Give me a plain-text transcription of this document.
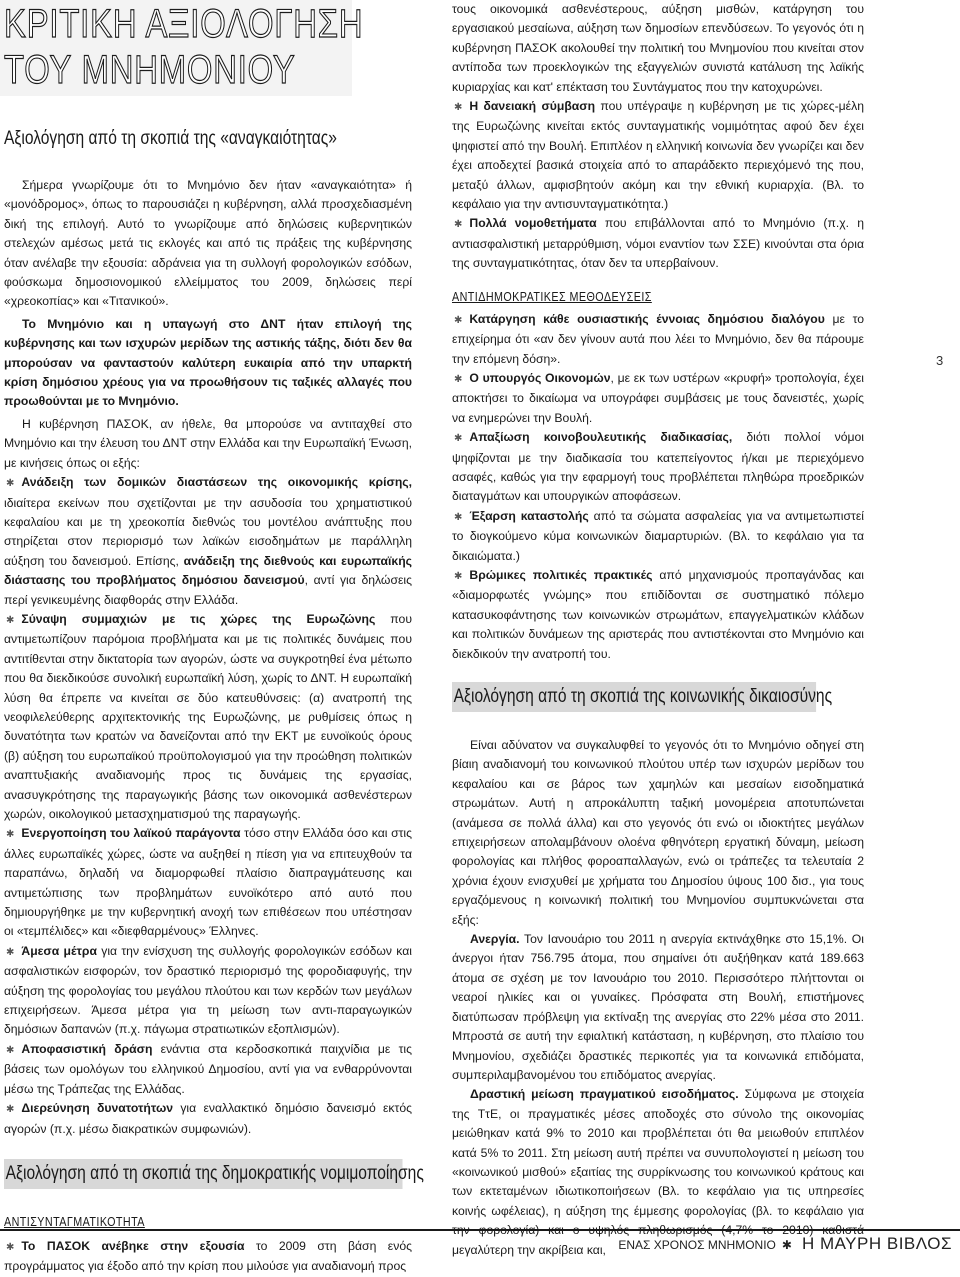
ΚΡΙΤΙΚΗ ΑΞΙΟΛΟΓΗΣΗ
ΤΟΥ ΜΝΗΜΟΝΙΟΥ
Αξιολόγηση από τη σκοπιά της «αναγκαιότητας»

Σήμερα γνωρίζουμε ότι το Μνημόνιο δεν ήταν «αναγκαιότητα» ή «μονόδρομος», όπως το παρουσιάζει η κυβέρνηση, αλλά προσχεδιασμένη δική της επιλογή. Αυτό το γνωρίζουμε από δηλώσεις κυβερνητικών στελεχών αμέσως μετά τις εκλογές και από τις πράξεις της κυβέρνησης όταν ανέλαβε την εξουσία: αδράνεια για τη συλλογή φορολογικών εσόδων, φούσκωμα δημοσιονομικού ελλείμματος του 2009, δηλώσεις περί «χρεοκοπίας» και «Τιτανικού».

Το Μνημόνιο και η υπαγωγή στο ΔΝΤ ήταν επιλογή της κυβέρνησης και των ισχυρών μερίδων της αστικής τάξης, διότι δεν θα μπορούσαν να φανταστούν καλύτερη ευκαιρία από την υπαρκτή κρίση δημόσιου χρέους για να προωθήσουν τις ταξικές αλλαγές που προωθούνται με το Μνημόνιο.

Η κυβέρνηση ΠΑΣΟΚ, αν ήθελε, θα μπορούσε να αντιταχθεί στο Μνημόνιο και την έλευση του ΔΝΤ στην Ελλάδα και την Ευρωπαϊκή Ένωση, με κινήσεις όπως οι εξής:

✱ Ανάδειξη των δομικών διαστάσεων της οικονομικής κρίσης, ιδιαίτερα εκείνων που σχετίζονται με την ασυδοσία του χρηματιστικού κεφαλαίου και με τη χρεοκοπία διεθνώς του μοντέλου ανάπτυξης που στηρίζεται στον περιορισμό των λαϊκών εισοδημάτων με παράλληλη αύξηση του δανεισμού. Επίσης, ανάδειξη της διεθνούς και ευρωπαϊκής διάστασης του προβλήματος δημόσιου δανεισμού, αντί για δηλώσεις περί γενικευμένης διαφθοράς στην Ελλάδα.

✱ Σύναψη συμμαχιών με τις χώρες της Ευρωζώνης που αντιμετωπίζουν παρόμοια προβλήματα και με τις πολιτικές δυνάμεις που αντιτίθενται στην δικτατορία των αγορών, ώστε να συγκροτηθεί ένα μέτωπο που θα διεκδικούσε συνολική ευρωπαϊκή λύση, χωρίς το ΔΝΤ. Η ευρωπαϊκή λύση θα έπρεπε να κινείται σε δύο κατευθύνσεις: (α) ανατροπή της νεοφιλελεύθερης αρχιτεκτονικής της Ευρωζώνης, με ρυθμίσεις όπως η δυνατότητα των κρατών να δανείζονται από την ΕΚΤ με ευνοϊκούς όρους (β) αύξηση του ευρωπαϊκού προϋπολογισμού για την προώθηση πολιτικών αναπτυξιακής αναδιανομής προς τις δυνάμεις της εργασίας, ανασυγκρότησης της παραγωγικής βάσης των οικονομικά ασθενέστερων χωρών, οικολογικού μετασχηματισμού της παραγωγής.

✱ Ενεργοποίηση του λαϊκού παράγοντα τόσο στην Ελλάδα όσο και στις άλλες ευρωπαϊκές χώρες, ώστε να αυξηθεί η πίεση για να επιτευχθούν τα παραπάνω, δηλαδή να διαμορφωθεί πλαίσιο διαπραγμάτευσης και αντιμετώπισης των προβλημάτων ευνοϊκότερο από αυτό που δημιουργήθηκε με την κυβερνητική ανοχή των επιθέσεων που υπέστησαν οι «τεμπέλιδες» και «διεφθαρμένους» Έλληνες.

✱ Άμεσα μέτρα για την ενίσχυση της συλλογής φορολογικών εσόδων και ασφαλιστικών εισφορών, τον δραστικό περιορισμό της φοροδιαφυγής, την αύξηση της φορολογίας του μεγάλου πλούτου και των κερδών των μεγάλων επιχειρήσεων. Άμεσα μέτρα για τη μείωση των αντι-παραγωγικών δημόσιων δαπανών (π.χ. πάγωμα στρατιωτικών εξοπλισμών).

✱ Αποφασιστική δράση ενάντια στα κερδοσκοπικά παιχνίδια με τις βάσεις των ομολόγων του ελληνικού Δημοσίου, αντί για να ενθαρρύνονται μέσω της Τράπεζας της Ελλάδας.

✱ Διερεύνηση δυνατοτήτων για εναλλακτικό δημόσιο δανεισμό εκτός αγορών (π.χ. μέσω διακρατικών συμφωνιών).

Αξιολόγηση από τη σκοπιά της δημοκρατικής νομιμοποίησης
ΑΝΤΙΣΥΝΤΑΓΜΑΤΙΚΟΤΗΤΑ

✱ Το ΠΑΣΟΚ ανέβηκε στην εξουσία το 2009 στη βάση ενός προγράμματος για έξοδο από την κρίση που μιλούσε για αναδιανομή προς

τους οικονομικά ασθενέστερους, αύξηση μισθών, κατάργηση του εργασιακού μεσαίωνα, αύξηση των δημοσίων επενδύσεων. Το γεγονός ότι η κυβέρνηση ΠΑΣΟΚ ακολουθεί την πολιτική του Μνημονίου που κινείται στον αντίποδα των προεκλογικών της εξαγγελιών συνιστά κατάλυση της λαϊκής κυριαρχίας και κατ' επέκταση του Συντάγματος που την κατοχυρώνει.

✱ Η δανειακή σύμβαση που υπέγραψε η κυβέρνηση με τις χώρες-μέλη της Ευρωζώνης κινείται εκτός συνταγματικής νομιμότητας αφού δεν έχει ψηφιστεί από την Βουλή. Επιπλέον η ελληνική κοινωνία δεν γνωρίζει και δεν έχει αποδεχτεί βασικά στοιχεία από το απαράδεκτο περιεχόμενό της που, μεταξύ άλλων, αμφισβητούν ακόμη και την εθνική κυριαρχία. (Βλ. το κεφάλαιο για την αντισυνταγματικότητα.)

✱ Πολλά νομοθετήματα που επιβάλλονται από το Μνημόνιο (π.χ. η αντιασφαλιστική μεταρρύθμιση, νόμοι εναντίον των ΣΣΕ) κινούνται στα όρια της συνταγματικότητας, όταν δεν τα υπερβαίνουν.

ΑΝΤΙΔΗΜΟΚΡΑΤΙΚΕΣ ΜΕΘΟΔΕΥΣΕΙΣ

✱ Κατάργηση κάθε ουσιαστικής έννοιας δημόσιου διαλόγου με το επιχείρημα ότι «αν δεν γίνουν αυτά που λέει το Μνημόνιο, δεν θα πάρουμε την επόμενη δόση».

✱ Ο υπουργός Οικονομών, με εκ των υστέρων «κρυφή» τροπολογία, έχει αποκτήσει το δικαίωμα να υπογράφει συμβάσεις με τους δανειστές, χωρίς να ενημερώνει την Βουλή.

✱ Απαξίωση κοινοβουλευτικής διαδικασίας, διότι πολλοί νόμοι ψηφίζονται με την διαδικασία του κατεπείγοντος ή/και με περιεχόμενο ασαφές, καθώς για την εφαρμογή τους προβλέπεται πληθώρα προεδρικών διαταγμάτων και υπουργικών αποφάσεων.

✱ Έξαρση καταστολής από τα σώματα ασφαλείας για να αντιμετωπιστεί το διογκούμενο κύμα κοινωνικών διαμαρτυριών. (Βλ. το κεφάλαιο για τα δικαιώματα.)

✱ Βρώμικες πολιτικές πρακτικές από μηχανισμούς προπαγάνδας και «διαμορφωτές γνώμης» που επιδίδονται σε συστηματικό πόλεμο κατασυκοφάντησης των κοινωνικών στρωμάτων, επαγγελματικών κλάδων και πολιτικών δυνάμεων της αριστεράς που αντιστέκονται στο Μνημόνιο και διεκδικούν την ανατροπή του.

Αξιολόγηση από τη σκοπιά της κοινωνικής δικαιοσύνης

Είναι αδύνατον να συγκαλυφθεί το γεγονός ότι το Μνημόνιο οδηγεί στη βίαιη αναδιανομή του κοινωνικού πλούτου υπέρ των ισχυρών μερίδων του κεφαλαίου και σε βάρος των χαμηλών και μεσαίων εισοδηματικά στρωμάτων. Αυτή η απροκάλυπτη ταξική μονομέρεια αποτυπώνεται (ανάμεσα σε πολλά άλλα) και στο γεγονός ότι ενώ οι ιδιοκτήτες μεγάλων επιχειρήσεων απολαμβάνουν ολοένα φθηνότερη εργατική δύναμη, μείωση φορολογίας και πλήθος φοροαπαλλαγών, ενώ οι τράπεζες τα τελευταία 2 χρόνια έχουν ενισχυθεί με χρήματα του Δημοσίου ύψους 100 δισ., για τους εργαζόμενους η κοινωνική πολιτική του Μνημονίου συμπυκνώνεται στα εξής:

Ανεργία. Τον Ιανουάριο του 2011 η ανεργία εκτινάχθηκε στο 15,1%. Οι άνεργοι ήταν 756.795 άτομα, που σημαίνει ότι αυξήθηκαν κατά 189.663 άτομα σε σχέση με τον Ιανουάριο του 2010. Περισσότερο πλήττονται οι νεαροί ηλικίες και οι γυναίκες. Πρόσφατα στη Βουλή, επιστήμονες διατύπωσαν πρόβλεψη για εκτίναξη της ανεργίας στο 22% μέσα στο 2011. Μπροστά σε αυτή την εφιαλτική κατάσταση, η κυβέρνηση, στο πλαίσιο του Μνημονίου, σχεδιάζει δραστικές περικοπές για τα κοινωνικά επιδόματα, συμπεριλαμβανομένου του επιδόματος ανεργίας.

Δραστική μείωση πραγματικού εισοδήματος. Σύμφωνα με στοιχεία της ΤτΕ, οι πραγματικές μέσες αποδοχές στο σύνολο της οικονομίας μειώθηκαν κατά 9% το 2010 και προβλέπεται ότι θα μειωθούν επιπλέον κατά 5% το 2011. Στη μείωση αυτή πρέπει να συνυπολογιστεί η μείωση του «κοινωνικού μισθού» εξαιτίας της συρρίκνωσης του κοινωνικού κράτους και των εκτεταμένων ιδιωτικοποιήσεων (Βλ. το κεφάλαιο για τις υπηρεσίες κοινής ωφέλειας), η αύξηση της έμμεσης φορολογίας (βλ. το κεφάλαιο για μεγαλύτερη την ακρίβεια και,

3
ΕΝΑΣ ΧΡΟΝΟΣ ΜΝΗΜΟΝΙΟ ✱ Η ΜΑΥΡΗ ΒΙΒΛΟΣ
